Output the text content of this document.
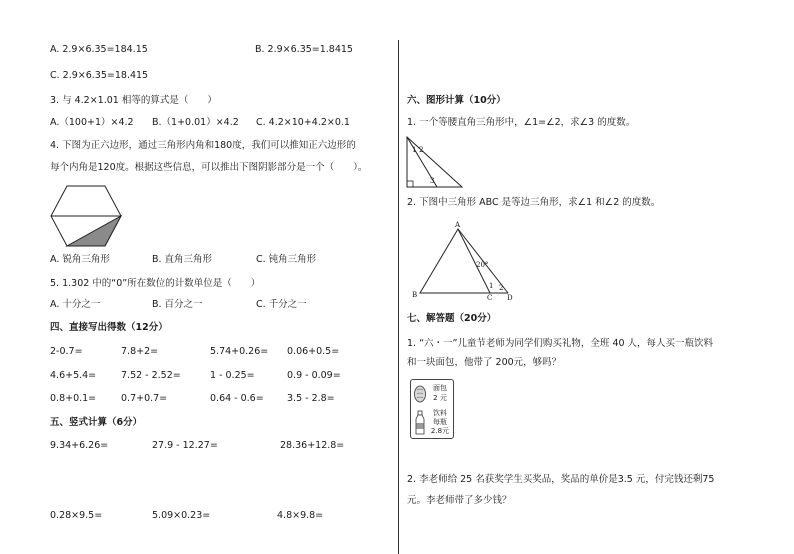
A. 2.9×6.35=184.15	B. 2.9×6.35=1.8415
C. 2.9×6.35=18.415
3. 与 4.2×1.01 相等的算式是（　　）
A.（100+1）×4.2 B.（1+0.01）×4.2 C. 4.2×10+4.2×0.1
4. 下图为正六边形，通过三角形内角和180度，我们可以推知正六边形的
每个内角是120度。根据这些信息，可以推出下图阴影部分是一个（　　）。
A. 锐角三角形	B. 直角三角形	C. 钝角三角形
5. 1.302 中的“0”所在数位的计数单位是（　　）
A. 十分之一	B. 百分之一	C. 千分之一
四、直接写出得数（12分）
2-0.7=	7.8+2=	5.74+0.26= 0.06+0.5=
4.6+5.4=	7.52 - 2.52=	1 - 0.25=	0.9 - 0.09=
0.8+0.1=	0.7+0.7=	0.64 - 0.6= 3.5 - 2.8=
五、竖式计算（6分）
9.34+6.26=	27.9 - 12.27=	28.36+12.8=
0.28×9.5=	5.09×0.23=	4.8×9.8=
六、图形计算（10分）
1. 一个等腰直角三角形中，∠1=∠2，求∠3 的度数。
1 2
3
2. 下图中三角形 ABC 是等边三角形，求∠1 和∠2 的度数。
A
B	C D
20°
1 2
七、解答题（20分）
1. “六・一”儿童节老师为同学们购买礼物，全班 40 人，每人买一瓶饮料
和一块面包，他带了 200元，够吗？
面包
2 元
饮料
每瓶
2.8元
2. 李老师给 25 名获奖学生买奖品，奖品的单价是3.5 元，付完钱还剩75
元。李老师带了多少钱？
